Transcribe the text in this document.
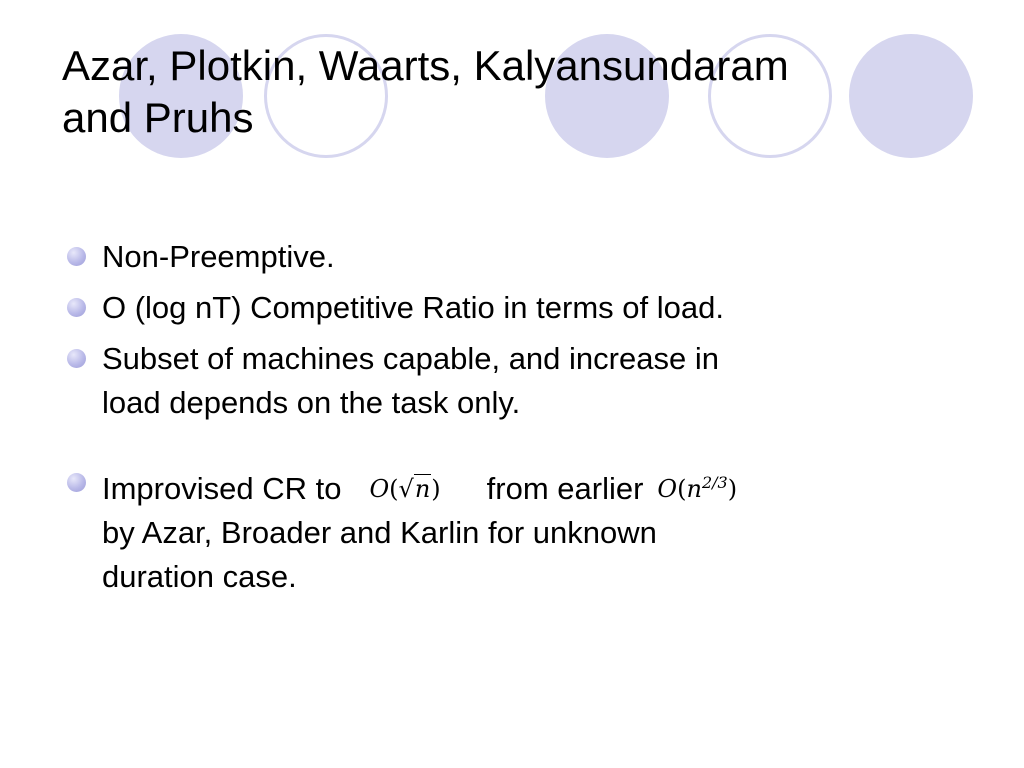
Azar, Plotkin, Waarts, Kalyansundaram
and Pruhs
Non-Preemptive.
O (log nT) Competitive Ratio in terms of load.
Subset of machines capable, and increase in
load depends on the task only.
Improvised CR to O(√n) from earlier $O(n^{2/3})$
by Azar, Broader and Karlin for unknown
duration case.
